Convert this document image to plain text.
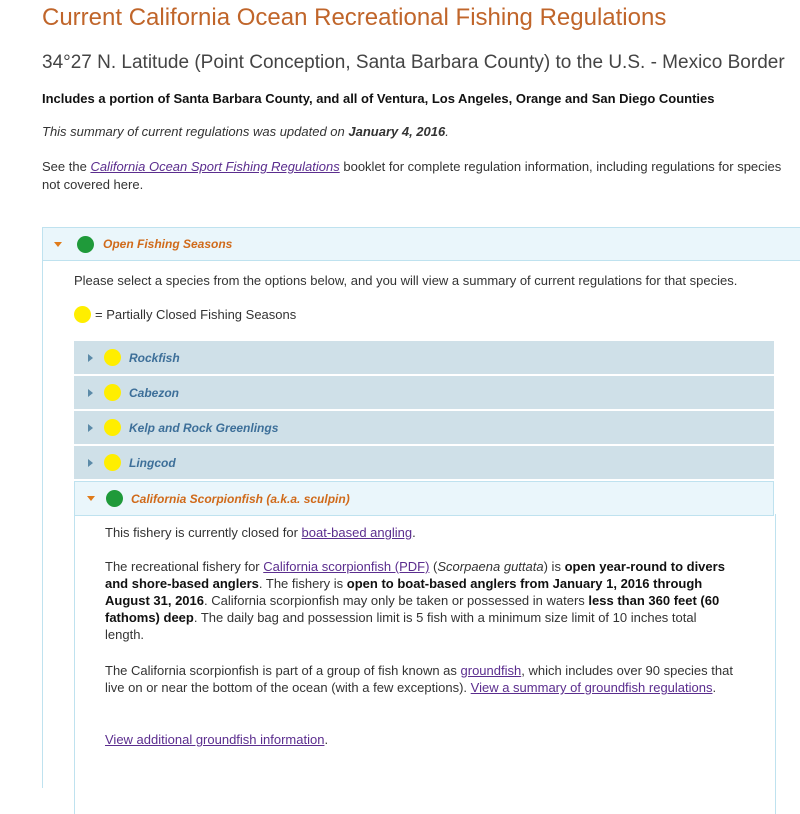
Current California Ocean Recreational Fishing Regulations
34°27 N. Latitude (Point Conception, Santa Barbara County) to the U.S. - Mexico Border
Includes a portion of Santa Barbara County, and all of Ventura, Los Angeles, Orange and San Diego Counties
This summary of current regulations was updated on January 4, 2016.
See the California Ocean Sport Fishing Regulations booklet for complete regulation information, including regulations for species not covered here.
Open Fishing Seasons
Please select a species from the options below, and you will view a summary of current regulations for that species.
= Partially Closed Fishing Seasons
Rockfish
Cabezon
Kelp and Rock Greenlings
Lingcod
California Scorpionfish (a.k.a. sculpin)

This fishery is currently closed for boat-based angling.

The recreational fishery for California scorpionfish (PDF) (Scorpaena guttata) is open year-round to divers and shore-based anglers. The fishery is open to boat-based anglers from January 1, 2016 through August 31, 2016. California scorpionfish may only be taken or possessed in waters less than 360 feet (60 fathoms) deep. The daily bag and possession limit is 5 fish with a minimum size limit of 10 inches total length.

The California scorpionfish is part of a group of fish known as groundfish, which includes over 90 species that live on or near the bottom of the ocean (with a few exceptions). View a summary of groundfish regulations.

View additional groundfish information.
